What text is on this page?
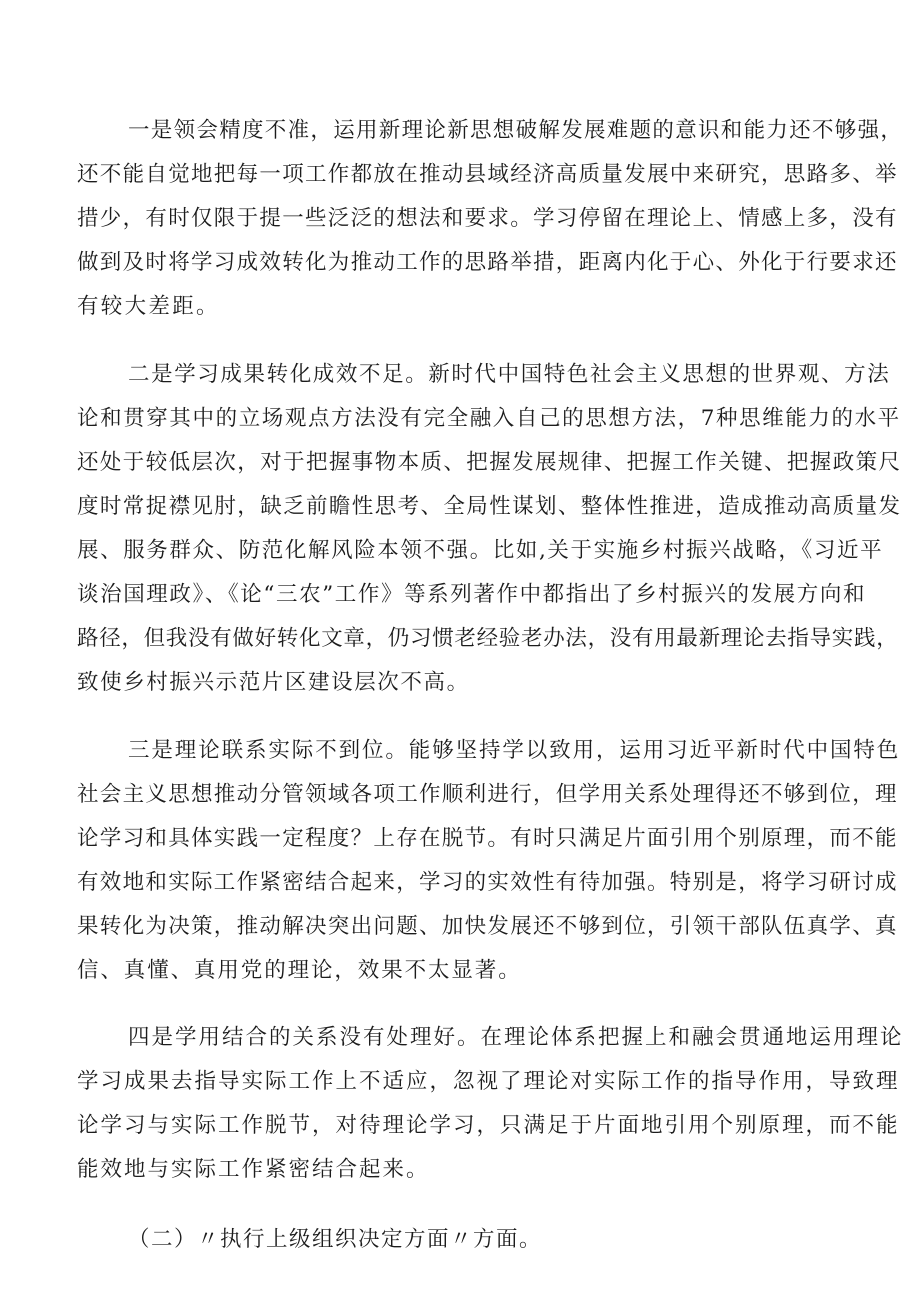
一是领会精度不准，运用新理论新思想破解发展难题的意识和能力还不够强，
还不能自觉地把每一项工作都放在推动县域经济高质量发展中来研究，思路多、举
措少，有时仅限于提一些泛泛的想法和要求。学习停留在理论上、情感上多，没有
做到及时将学习成效转化为推动工作的思路举措，距离内化于心、外化于行要求还
有较大差距。
二是学习成果转化成效不足。新时代中国特色社会主义思想的世界观、方法
论和贯穿其中的立场观点方法没有完全融入自己的思想方法，7种思维能力的水平
还处于较低层次，对于把握事物本质、把握发展规律、把握工作关键、把握政策尺
度时常捉襟见肘，缺乏前瞻性思考、全局性谋划、整体性推进，造成推动高质量发
展、服务群众、防范化解风险本领不强。比如,关于实施乡村振兴战略，《习近平
谈治国理政》、《论“三农”工作》等系列著作中都指出了乡村振兴的发展方向和
路径，但我没有做好转化文章，仍习惯老经验老办法，没有用最新理论去指导实践，
致使乡村振兴示范片区建设层次不高。
三是理论联系实际不到位。能够坚持学以致用，运用习近平新时代中国特色
社会主义思想推动分管领域各项工作顺利进行，但学用关系处理得还不够到位，理
论学习和具体实践一定程度？上存在脱节。有时只满足片面引用个别原理，而不能
有效地和实际工作紧密结合起来，学习的实效性有待加强。特别是，将学习研讨成
果转化为决策，推动解决突出问题、加快发展还不够到位，引领干部队伍真学、真
信、真懂、真用党的理论，效果不太显著。
四是学用结合的关系没有处理好。在理论体系把握上和融会贯通地运用理论
学习成果去指导实际工作上不适应，忽视了理论对实际工作的指导作用，导致理
论学习与实际工作脱节，对待理论学习，只满足于片面地引用个别原理，而不能
能效地与实际工作紧密结合起来。
（二）〃执行上级组织决定方面〃方面。
